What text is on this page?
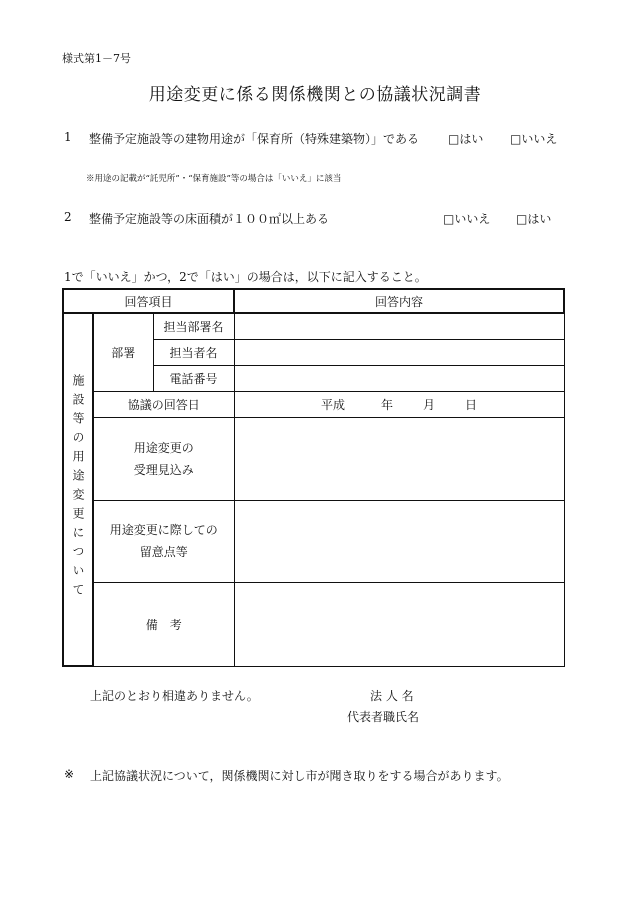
様式第1－7号
用途変更に係る関係機関との協議状況調書
1 整備予定施設等の建物用途が「保育所（特殊建築物）」である □はい □いいえ
※用途の記載が“託児所”・“保育施設”等の場合は「いいえ」に該当
2 整備予定施設等の床面積が１００㎡以上ある	□いいえ □はい
1で「いいえ」かつ，2で「はい」の場合は，以下に記入すること。
回答項目			回答内容
施設等の用途変更について	部署	担当部署名	
		担当者名	
		電話番号	
	協議の回答日		平成 年 月 日

	用途変更の
受理見込み		

	用途変更に際しての
留意点等		

	備　考		
上記のとおり相違ありません。	法 人 名
代表者職氏名
※ 上記協議状況について，関係機関に対し市が聞き取りをする場合があります。
